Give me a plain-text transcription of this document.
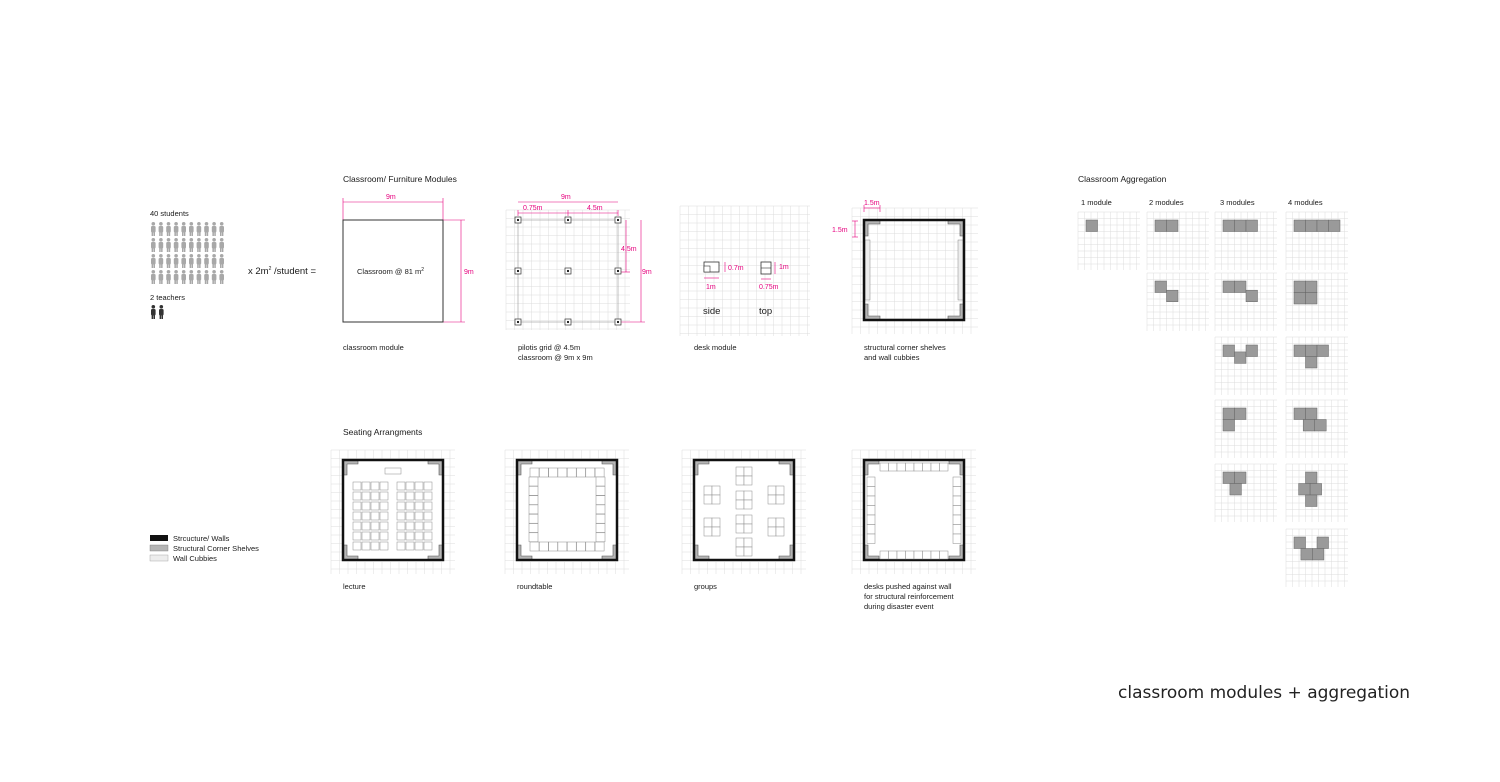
40 students
2 teachers
x $2m^2$ /student =
Classroom/ Furniture Modules
Seating Arrangments
Classroom Aggregation
9m
9m
Classroom @ 81 $m^2$
classroom module
9m
0.75m	4.5m
4.5m
9m
pilotis grid @ 4.5m
classroom @ 9m x 9m
0.7m
1m
1m
0.75m
side	top
desk module
1.5m
1.5m
structural corner shelves
and wall cubbies
lecture	roundtable	groups	desks pushed against wall
for structural reinforcement
during disaster event
Strcucture/ Walls
Structural Corner Shelves
Wall Cubbies
1 module	2 modules	3 modules	4 modules
classroom modules + aggregation
